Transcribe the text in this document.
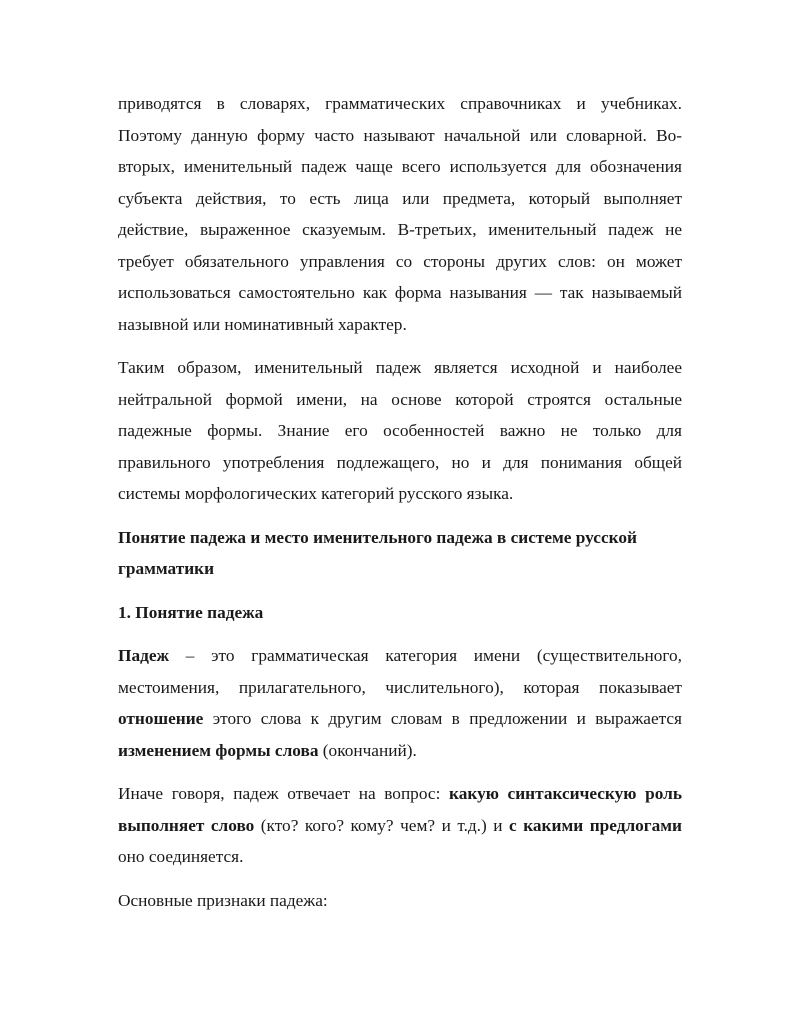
приводятся в словарях, грамматических справочниках и учебниках. Поэтому данную форму часто называют начальной или словарной. Во-вторых, именительный падеж чаще всего используется для обозначения субъекта действия, то есть лица или предмета, который выполняет действие, выраженное сказуемым. В-третьих, именительный падеж не требует обязательного управления со стороны других слов: он может использоваться самостоятельно как форма называния — так называемый назывной или номинативный характер.

Таким образом, именительный падеж является исходной и наиболее нейтральной формой имени, на основе которой строятся остальные падежные формы. Знание его особенностей важно не только для правильного употребления подлежащего, но и для понимания общей системы морфологических категорий русского языка.

Понятие падежа и место именительного падежа в системе русской грамматики

1. Понятие падежа

Падеж – это грамматическая категория имени (существительного, местоимения, прилагательного, числительного), которая показывает отношение этого слова к другим словам в предложении и выражается изменением формы слова (окончаний).

Иначе говоря, падеж отвечает на вопрос: какую синтаксическую роль выполняет слово (кто? кого? кому? чем? и т.д.) и с какими предлогами оно соединяется.

Основные признаки падежа:
